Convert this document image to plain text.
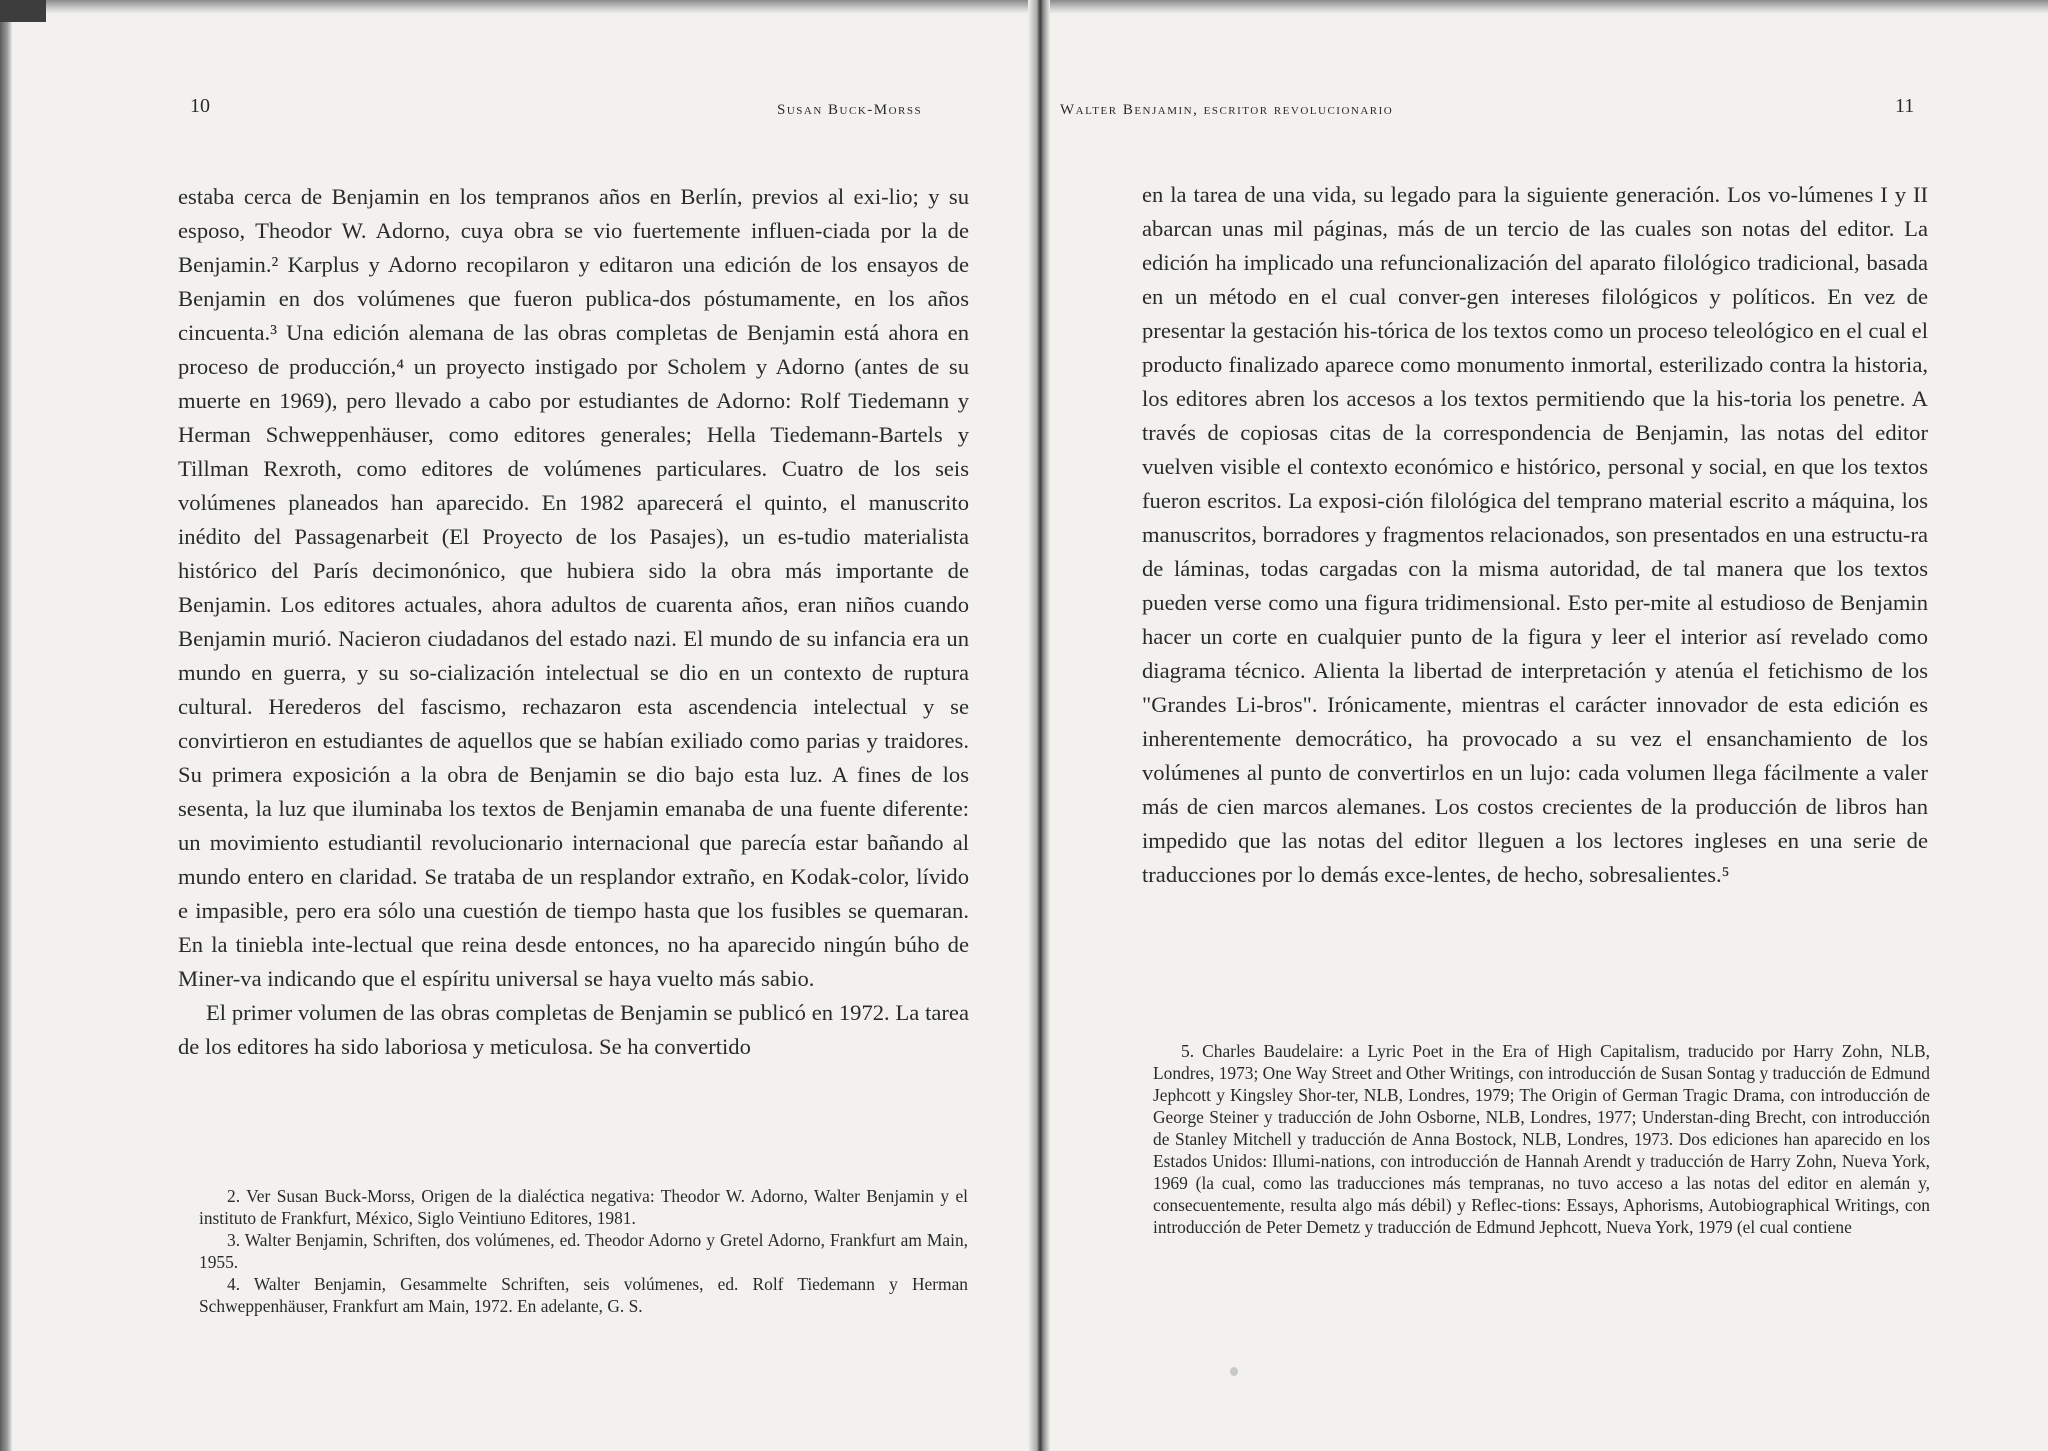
10	Susan Buck-Morss

estaba cerca de Benjamin en los tempranos años en Berlín, previos al exi-lio; y su esposo, Theodor W. Adorno, cuya obra se vio fuertemente influen-ciada por la de Benjamin.² Karplus y Adorno recopilaron y editaron una edición de los ensayos de Benjamin en dos volúmenes que fueron publica-dos póstumamente, en los años cincuenta.³ Una edición alemana de las obras completas de Benjamin está ahora en proceso de producción,⁴ un proyecto instigado por Scholem y Adorno (antes de su muerte en 1969), pero llevado a cabo por estudiantes de Adorno: Rolf Tiedemann y Herman Schweppenhäuser, como editores generales; Hella Tiedemann-Bartels y Tillman Rexroth, como editores de volúmenes particulares. Cuatro de los seis volúmenes planeados han aparecido. En 1982 aparecerá el quinto, el manuscrito inédito del Passagenarbeit (El Proyecto de los Pasajes), un es-tudio materialista histórico del París decimonónico, que hubiera sido la obra más importante de Benjamin. Los editores actuales, ahora adultos de cuarenta años, eran niños cuando Benjamin murió. Nacieron ciudadanos del estado nazi. El mundo de su infancia era un mundo en guerra, y su so-cialización intelectual se dio en un contexto de ruptura cultural. Herederos del fascismo, rechazaron esta ascendencia intelectual y se convirtieron en estudiantes de aquellos que se habían exiliado como parias y traidores. Su primera exposición a la obra de Benjamin se dio bajo esta luz. A fines de los sesenta, la luz que iluminaba los textos de Benjamin emanaba de una fuente diferente: un movimiento estudiantil revolucionario internacional que parecía estar bañando al mundo entero en claridad. Se trataba de un resplandor extraño, en Kodak-color, lívido e impasible, pero era sólo una cuestión de tiempo hasta que los fusibles se quemaran. En la tiniebla inte-lectual que reina desde entonces, no ha aparecido ningún búho de Miner-va indicando que el espíritu universal se haya vuelto más sabio.

El primer volumen de las obras completas de Benjamin se publicó en 1972. La tarea de los editores ha sido laboriosa y meticulosa. Se ha convertido

2. Ver Susan Buck-Morss, Origen de la dialéctica negativa: Theodor W. Adorno, Walter Benjamin y el instituto de Frankfurt, México, Siglo Veintiuno Editores, 1981.

3. Walter Benjamin, Schriften, dos volúmenes, ed. Theodor Adorno y Gretel Adorno, Frankfurt am Main, 1955.

4. Walter Benjamin, Gesammelte Schriften, seis volúmenes, ed. Rolf Tiedemann y Herman Schweppenhäuser, Frankfurt am Main, 1972. En adelante, G. S.

Walter Benjamin, escritor revolucionario	11

en la tarea de una vida, su legado para la siguiente generación. Los vo-lúmenes I y II abarcan unas mil páginas, más de un tercio de las cuales son notas del editor. La edición ha implicado una refuncionalización del aparato filológico tradicional, basada en un método en el cual conver-gen intereses filológicos y políticos. En vez de presentar la gestación his-tórica de los textos como un proceso teleológico en el cual el producto finalizado aparece como monumento inmortal, esterilizado contra la historia, los editores abren los accesos a los textos permitiendo que la his-toria los penetre. A través de copiosas citas de la correspondencia de Benjamin, las notas del editor vuelven visible el contexto económico e histórico, personal y social, en que los textos fueron escritos. La exposi-ción filológica del temprano material escrito a máquina, los manuscritos, borradores y fragmentos relacionados, son presentados en una estructu-ra de láminas, todas cargadas con la misma autoridad, de tal manera que los textos pueden verse como una figura tridimensional. Esto per-mite al estudioso de Benjamin hacer un corte en cualquier punto de la figura y leer el interior así revelado como diagrama técnico. Alienta la libertad de interpretación y atenúa el fetichismo de los "Grandes Li-bros". Irónicamente, mientras el carácter innovador de esta edición es inherentemente democrático, ha provocado a su vez el ensanchamiento de los volúmenes al punto de convertirlos en un lujo: cada volumen llega fácilmente a valer más de cien marcos alemanes. Los costos crecientes de la producción de libros han impedido que las notas del editor lleguen a los lectores ingleses en una serie de traducciones por lo demás exce-lentes, de hecho, sobresalientes.⁵

5. Charles Baudelaire: a Lyric Poet in the Era of High Capitalism, traducido por Harry Zohn, NLB, Londres, 1973; One Way Street and Other Writings, con introducción de Susan Sontag y traducción de Edmund Jephcott y Kingsley Shor-ter, NLB, Londres, 1979; The Origin of German Tragic Drama, con introducción de George Steiner y traducción de John Osborne, NLB, Londres, 1977; Understan-ding Brecht, con introducción de Stanley Mitchell y traducción de Anna Bostock, NLB, Londres, 1973. Dos ediciones han aparecido en los Estados Unidos: Illumi-nations, con introducción de Hannah Arendt y traducción de Harry Zohn, Nueva York, 1969 (la cual, como las traducciones más tempranas, no tuvo acceso a las notas del editor en alemán y, consecuentemente, resulta algo más débil) y Reflec-tions: Essays, Aphorisms, Autobiographical Writings, con introducción de Peter Demetz y traducción de Edmund Jephcott, Nueva York, 1979 (el cual contiene
